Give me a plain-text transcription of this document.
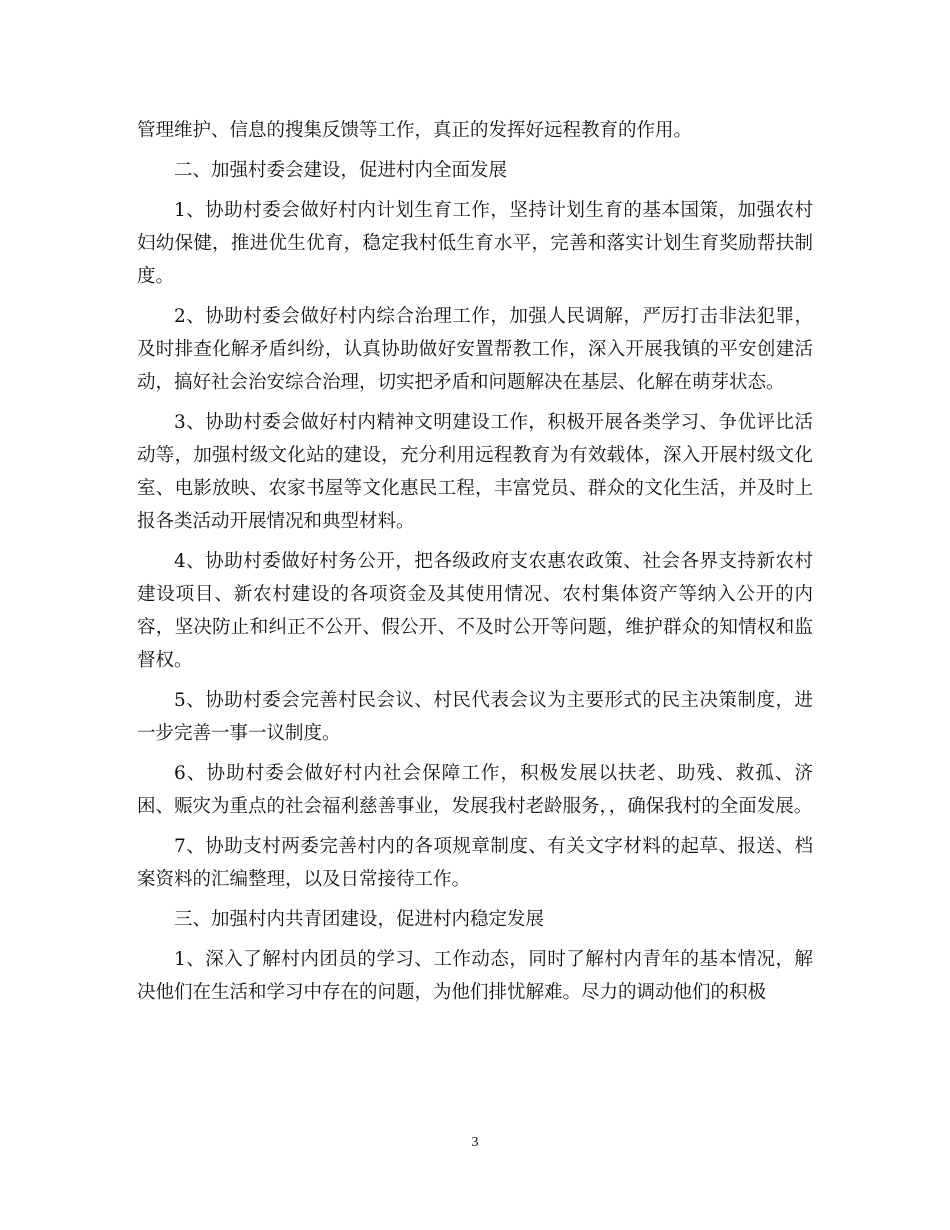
管理维护、信息的搜集反馈等工作，真正的发挥好远程教育的作用。

二、加强村委会建设，促进村内全面发展

1、协助村委会做好村内计划生育工作，坚持计划生育的基本国策，加强农村妇幼保健，推进优生优育，稳定我村低生育水平，完善和落实计划生育奖励帮扶制度。

2、协助村委会做好村内综合治理工作，加强人民调解，严厉打击非法犯罪，及时排查化解矛盾纠纷，认真协助做好安置帮教工作，深入开展我镇的平安创建活动，搞好社会治安综合治理，切实把矛盾和问题解决在基层、化解在萌芽状态。

3、协助村委会做好村内精神文明建设工作，积极开展各类学习、争优评比活动等，加强村级文化站的建设，充分利用远程教育为有效载体，深入开展村级文化室、电影放映、农家书屋等文化惠民工程，丰富党员、群众的文化生活，并及时上报各类活动开展情况和典型材料。

4、协助村委做好村务公开，把各级政府支农惠农政策、社会各界支持新农村建设项目、新农村建设的各项资金及其使用情况、农村集体资产等纳入公开的内容，坚决防止和纠正不公开、假公开、不及时公开等问题，维护群众的知情权和监督权。

5、协助村委会完善村民会议、村民代表会议为主要形式的民主决策制度，进一步完善一事一议制度。

6、协助村委会做好村内社会保障工作，积极发展以扶老、助残、救孤、济困、赈灾为重点的社会福利慈善事业，发展我村老龄服务，，确保我村的全面发展。

7、协助支村两委完善村内的各项规章制度、有关文字材料的起草、报送、档案资料的汇编整理，以及日常接待工作。

三、加强村内共青团建设，促进村内稳定发展

1、深入了解村内团员的学习、工作动态，同时了解村内青年的基本情况，解决他们在生活和学习中存在的问题，为他们排忧解难。尽力的调动他们的积极

3
